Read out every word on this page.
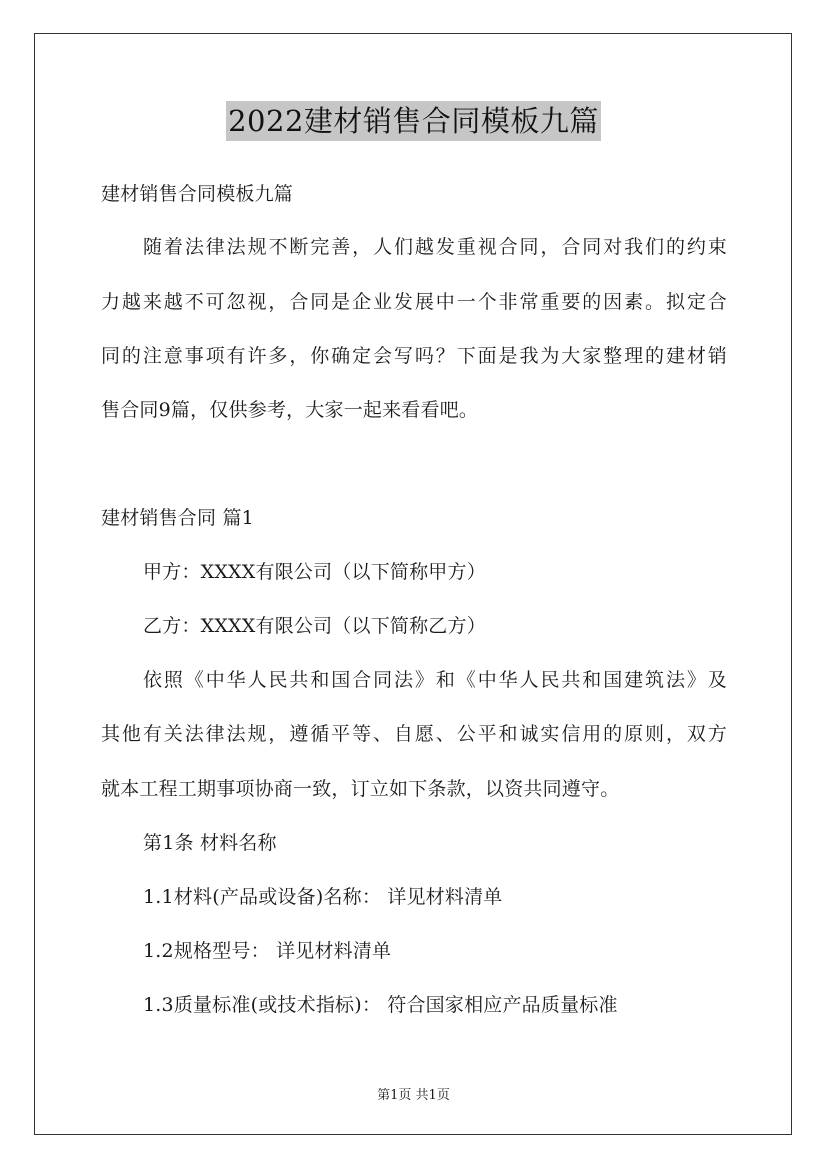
2022建材销售合同模板九篇
建材销售合同模板九篇
随着法律法规不断完善，人们越发重视合同，合同对我们的约束
力越来越不可忽视，合同是企业发展中一个非常重要的因素。拟定合
同的注意事项有许多，你确定会写吗？下面是我为大家整理的建材销
售合同9篇，仅供参考，大家一起来看看吧。
建材销售合同 篇1
甲方：XXXX有限公司（以下简称甲方）
乙方：XXXX有限公司（以下简称乙方）
依照《中华人民共和国合同法》和《中华人民共和国建筑法》及
其他有关法律法规，遵循平等、自愿、公平和诚实信用的原则，双方
就本工程工期事项协商一致，订立如下条款，以资共同遵守。
第1条 材料名称
1.1材料(产品或设备)名称： 详见材料清单
1.2规格型号： 详见材料清单
1.3质量标准(或技术指标)： 符合国家相应产品质量标准
第1页 共1页
